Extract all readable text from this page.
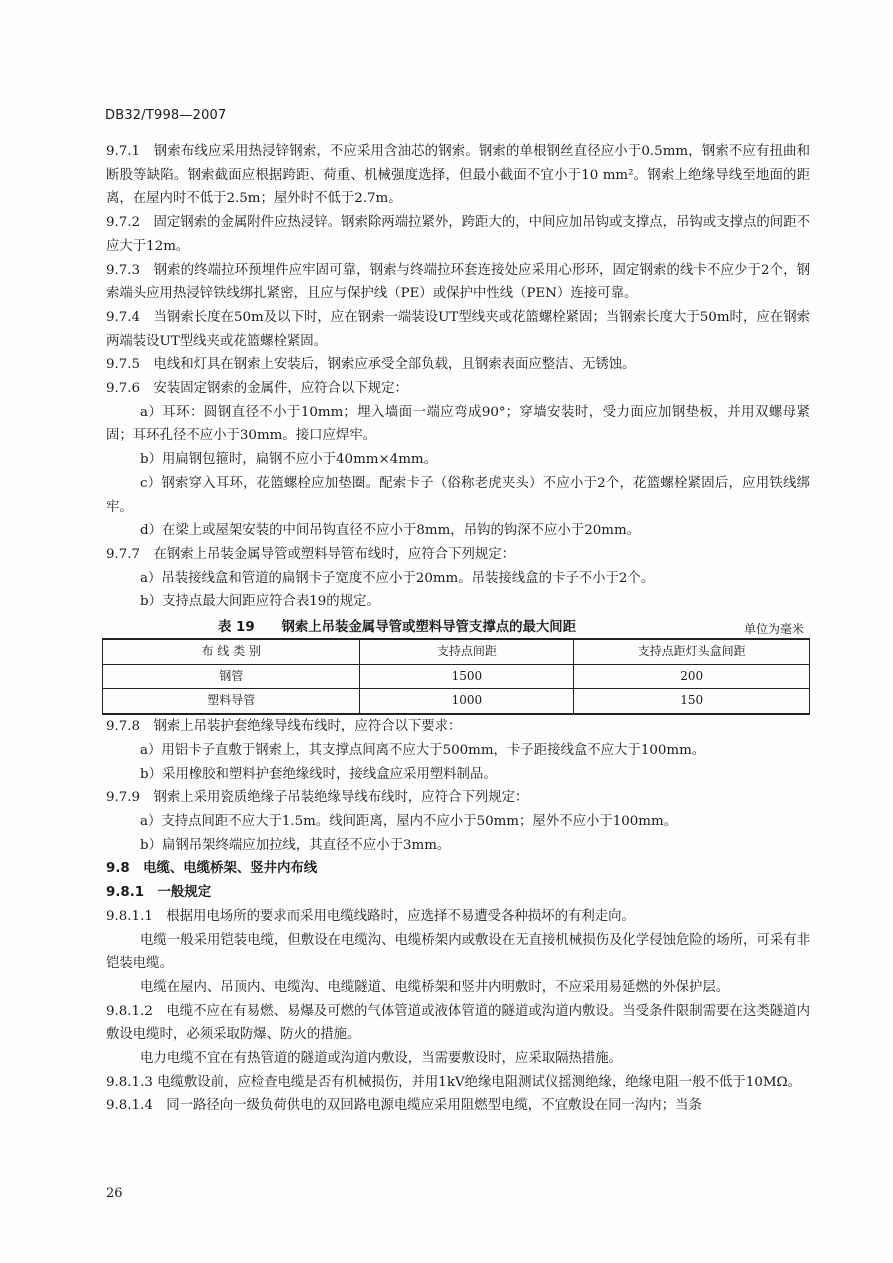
DB32/T998—2007

9.7.1　钢索布线应采用热浸锌钢索，不应采用含油芯的钢索。钢索的单根钢丝直径应小于0.5mm，钢索不应有扭曲和断股等缺陷。钢索截面应根据跨距、荷重、机械强度选择，但最小截面不宜小于10 mm²。钢索上绝缘导线至地面的距离，在屋内时不低于2.5m；屋外时不低于2.7m。

9.7.2　固定钢索的金属附件应热浸锌。钢索除两端拉紧外，跨距大的，中间应加吊钩或支撑点，吊钩或支撑点的间距不应大于12m。

9.7.3　钢索的终端拉环预埋件应牢固可靠，钢索与终端拉环套连接处应采用心形环，固定钢索的线卡不应少于2个，钢索端头应用热浸锌铁线绑扎紧密，且应与保护线（PE）或保护中性线（PEN）连接可靠。

9.7.4　当钢索长度在50m及以下时，应在钢索一端装设UT型线夹或花篮螺栓紧固；当钢索长度大于50m时，应在钢索两端装设UT型线夹或花篮螺栓紧固。

9.7.5　电线和灯具在钢索上安装后，钢索应承受全部负载，且钢索表面应整洁、无锈蚀。

9.7.6　安装固定钢索的金属件，应符合以下规定：

a）耳环：圆钢直径不小于10mm；埋入墙面一端应弯成90°；穿墙安装时，受力面应加钢垫板，并用双螺母紧固；耳环孔径不应小于30mm。接口应焊牢。

b）用扁钢包箍时，扁钢不应小于40mm×4mm。

c）钢索穿入耳环，花篮螺栓应加垫圈。配索卡子（俗称老虎夹头）不应小于2个，花篮螺栓紧固后，应用铁线绑牢。

d）在梁上或屋架安装的中间吊钩直径不应小于8mm，吊钩的钩深不应小于20mm。

9.7.7　在钢索上吊装金属导管或塑料导管布线时，应符合下列规定：

a）吊装接线盒和管道的扁钢卡子宽度不应小于20mm。吊装接线盒的卡子不小于2个。

b）支持点最大间距应符合表19的规定。

表 19　　钢索上吊装金属导管或塑料导管支撑点的最大间距	单位为毫米
布 线 类 别	支持点间距	支持点距灯头盒间距
钢管	1500	200
塑料导管	1000	150

9.7.8　钢索上吊装护套绝缘导线布线时，应符合以下要求：

a）用铝卡子直敷于钢索上，其支撑点间离不应大于500mm，卡子距接线盒不应大于100mm。

b）采用橡胶和塑料护套绝缘线时，接线盒应采用塑料制品。

9.7.9　钢索上采用瓷质绝缘子吊装绝缘导线布线时，应符合下列规定：

a）支持点间距不应大于1.5m。线间距离，屋内不应小于50mm；屋外不应小于100mm。

b）扁钢吊架终端应加拉线，其直径不应小于3mm。

9.8　电缆、电缆桥架、竖井内布线

9.8.1　一般规定

9.8.1.1　根据用电场所的要求而采用电缆线路时，应选择不易遭受各种损坏的有利走向。

电缆一般采用铠装电缆，但敷设在电缆沟、电缆桥架内或敷设在无直接机械损伤及化学侵蚀危险的场所，可采有非铠装电缆。

电缆在屋内、吊顶内、电缆沟、电缆隧道、电缆桥架和竖井内明敷时，不应采用易延燃的外保护层。

9.8.1.2　电缆不应在有易燃、易爆及可燃的气体管道或液体管道的隧道或沟道内敷设。当受条件限制需要在这类隧道内敷设电缆时，必须采取防爆、防火的措施。

电力电缆不宜在有热管道的隧道或沟道内敷设，当需要敷设时，应采取隔热措施。

9.8.1.3 电缆敷设前，应检查电缆是否有机械损伤，并用1kV绝缘电阻测试仪摇测绝缘，绝缘电阻一般不低于10MΩ。

9.8.1.4　同一路径向一级负荷供电的双回路电源电缆应采用阻燃型电缆，不宜敷设在同一沟内；当条

26
